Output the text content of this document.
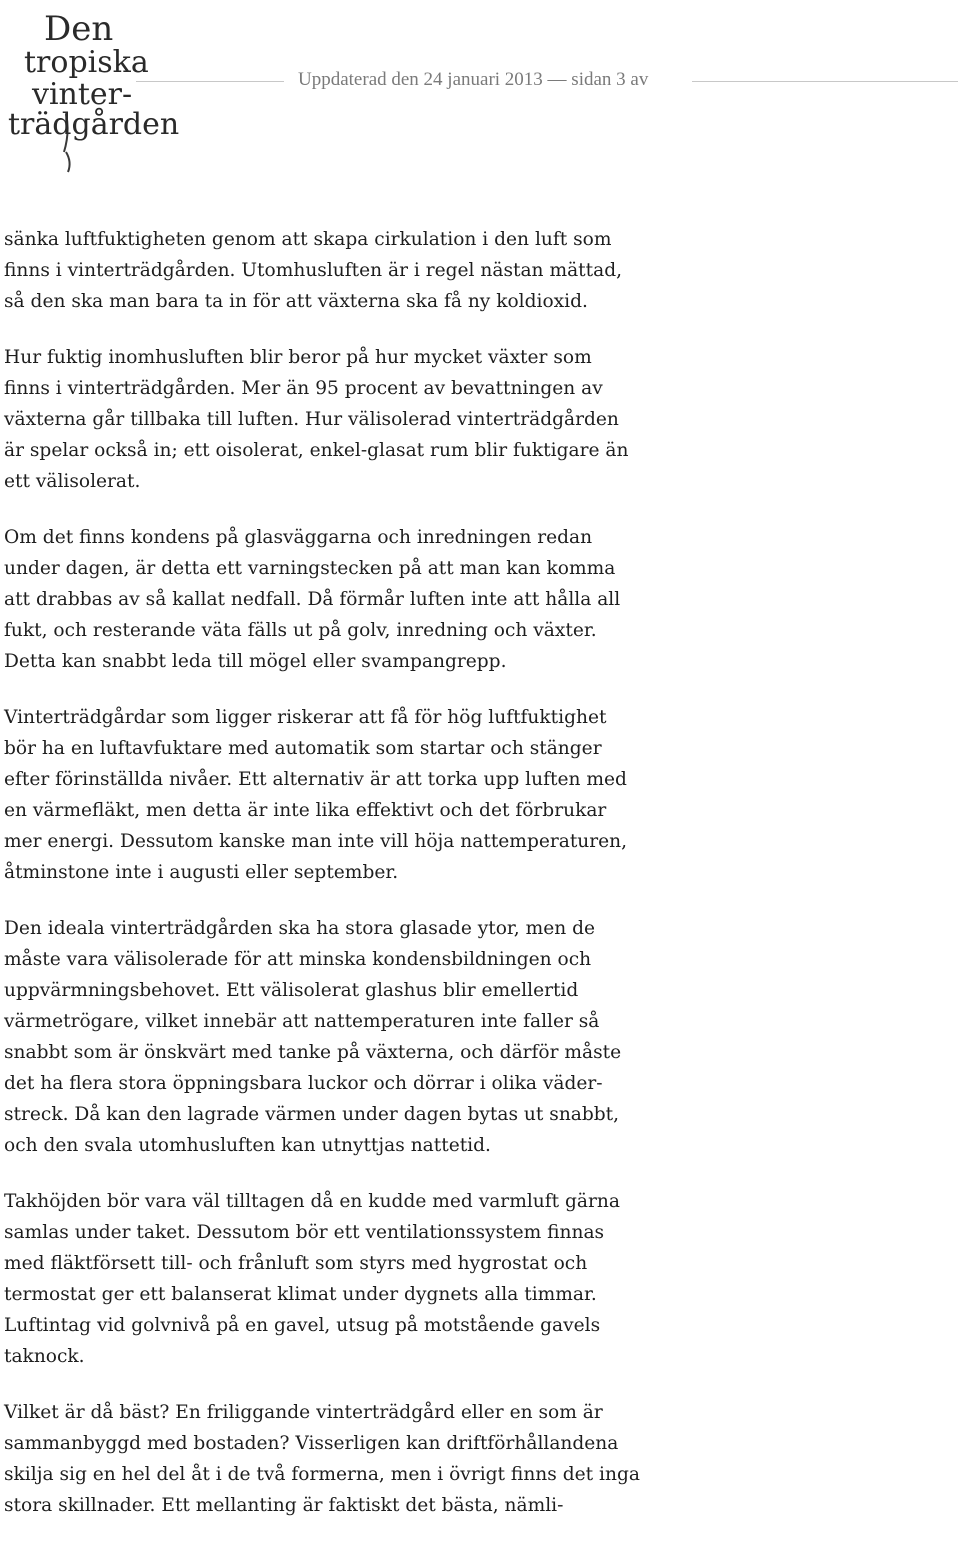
Den
tropiska
vinter-
trädgården
Uppdaterad den 24 januari 2013 — sidan 3 av

sänka luftfuktigheten genom att skapa cirkulation i den luft som finns i vinterträdgården. Utomhusluften är i regel nästan mättad, så den ska man bara ta in för att växterna ska få ny koldioxid.

Hur fuktig inomhusluften blir beror på hur mycket växter som finns i vinterträdgården. Mer än 95 procent av bevattningen av växterna går tillbaka till luften. Hur välisolerad vinterträdgården är spelar också in; ett oisolerat, enkel-glasat rum blir fuktigare än ett välisolerat.

Om det finns kondens på glasväggarna och inredningen redan under dagen, är detta ett varningstecken på att man kan komma att drabbas av så kallat nedfall. Då förmår luften inte att hålla all fukt, och resterande väta fälls ut på golv, inredning och växter. Detta kan snabbt leda till mögel eller svampangrepp.

Vinterträdgårdar som ligger riskerar att få för hög luftfuktighet bör ha en luftavfuktare med automatik som startar och stänger efter förinställda nivåer. Ett alternativ är att torka upp luften med en värmefläkt, men detta är inte lika effektivt och det förbrukar mer energi. Dessutom kanske man inte vill höja nattemperaturen, åtminstone inte i augusti eller september.

Den ideala vinterträdgården ska ha stora glasade ytor, men de måste vara välisolerade för att minska kondensbildningen och uppvärmningsbehovet. Ett välisolerat glashus blir emellertid värmetrögare, vilket innebär att nattemperaturen inte faller så snabbt som är önskvärt med tanke på växterna, och därför måste det ha flera stora öppningsbara luckor och dörrar i olika väder-streck. Då kan den lagrade värmen under dagen bytas ut snabbt, och den svala utomhusluften kan utnyttjas nattetid.

Takhöjden bör vara väl tilltagen då en kudde med varmluft gärna samlas under taket. Dessutom bör ett ventilationssystem finnas med fläktförsett till- och frånluft som styrs med hygrostat och termostat ger ett balanserat klimat under dygnets alla timmar. Luftintag vid golvnivå på en gavel, utsug på motstående gavels taknock.

Vilket är då bäst? En friliggande vinterträdgård eller en som är sammanbyggd med bostaden? Visserligen kan driftförhållandena skilja sig en hel del åt i de två formerna, men i övrigt finns det inga stora skillnader. Ett mellanting är faktiskt det bästa, nämli-
